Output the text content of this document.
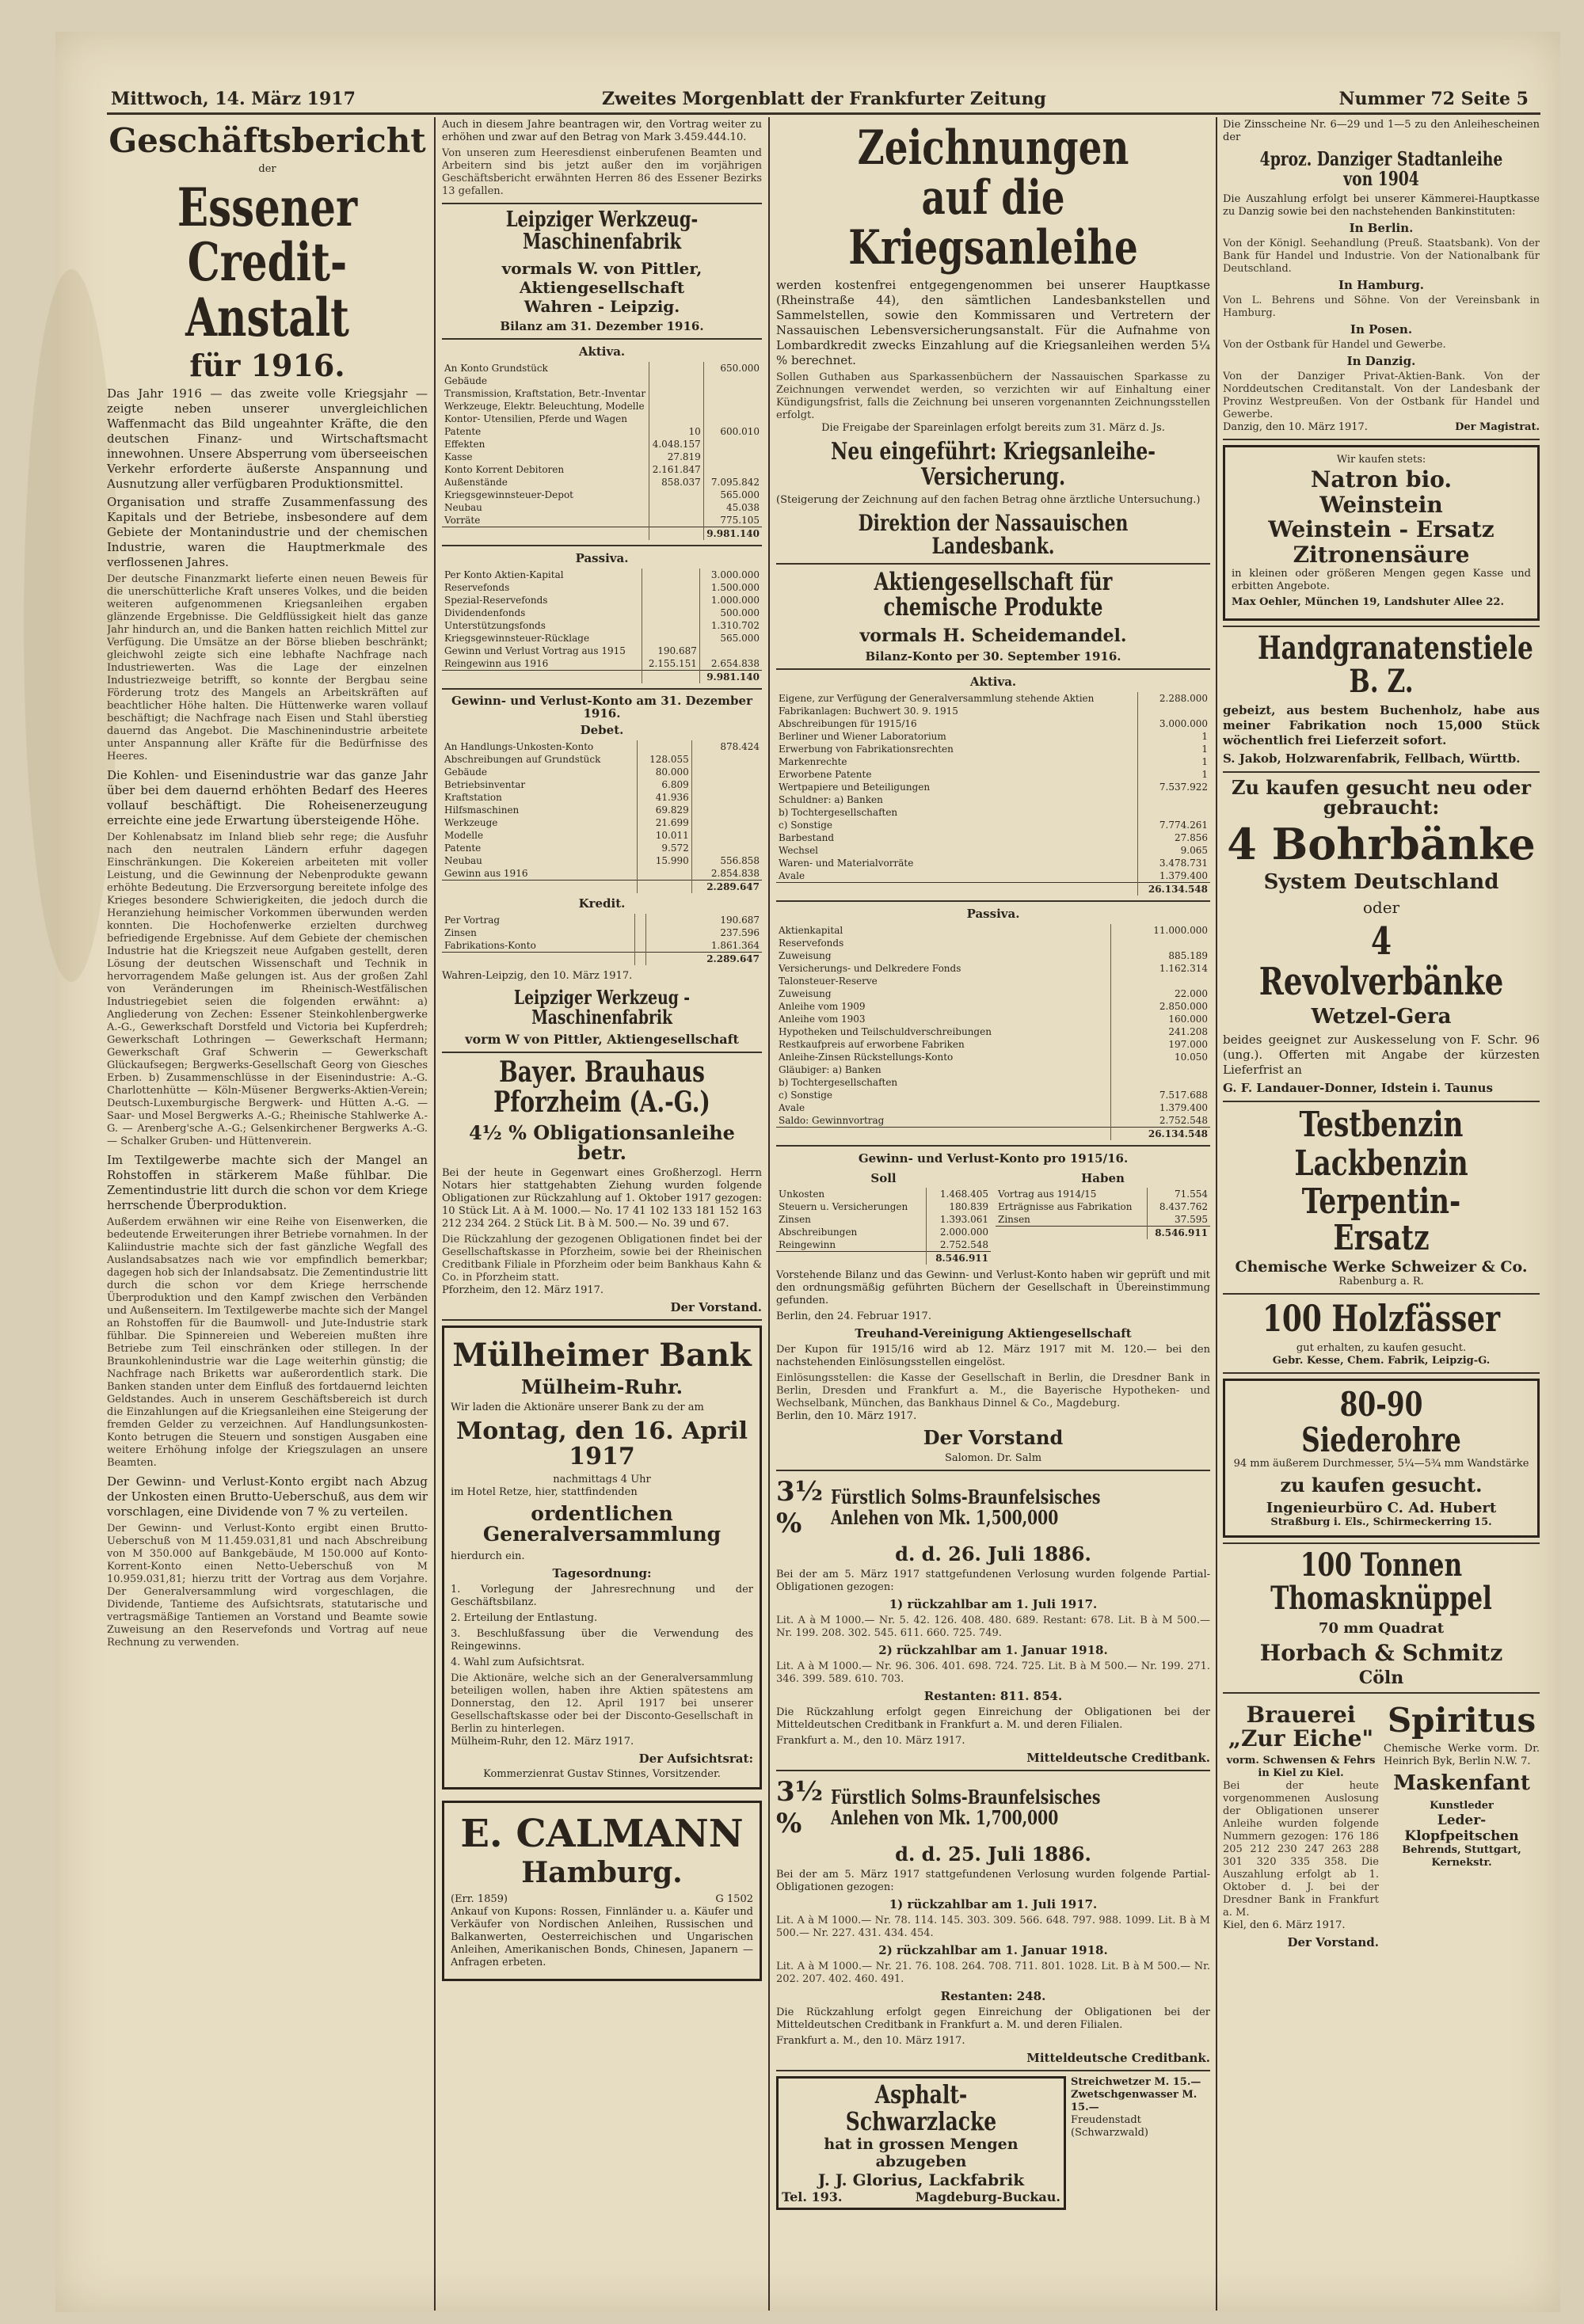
Mittwoch, 14. März 1917	Zweites Morgenblatt der Frankfurter Zeitung	Nummer 72 Seite 5
Geschäftsbericht
der
Essener Credit-Anstalt
für 1916.

Das Jahr 1916 — das zweite volle Kriegsjahr — zeigte neben unserer unvergleichlichen Waffenmacht das Bild ungeahnter Kräfte, die den deutschen Finanz- und Wirtschaftsmacht innewohnen. Unsere Absperrung vom überseeischen Verkehr erforderte äußerste Anspannung und Ausnutzung aller verfügbaren Produktionsmittel.

Organisation und straffe Zusammenfassung des Kapitals und der Betriebe, insbesondere auf dem Gebiete der Montanindustrie und der chemischen Industrie, waren die Hauptmerkmale des verflossenen Jahres.

Der deutsche Finanzmarkt lieferte einen neuen Beweis für die unerschütterliche Kraft unseres Volkes, und die beiden weiteren aufgenommenen Kriegsanleihen ergaben glänzende Ergebnisse. Die Geldflüssigkeit hielt das ganze Jahr hindurch an, und die Banken hatten reichlich Mittel zur Verfügung. Die Umsätze an der Börse blieben beschränkt; gleichwohl zeigte sich eine lebhafte Nachfrage nach Industriewerten. Was die Lage der einzelnen Industriezweige betrifft, so konnte der Bergbau seine Förderung trotz des Mangels an Arbeitskräften auf beachtlicher Höhe halten. Die Hüttenwerke waren vollauf beschäftigt; die Nachfrage nach Eisen und Stahl überstieg dauernd das Angebot. Die Maschinenindustrie arbeitete unter Anspannung aller Kräfte für die Bedürfnisse des Heeres.

Die Kohlen- und Eisenindustrie war das ganze Jahr über bei dem dauernd erhöhten Bedarf des Heeres vollauf beschäftigt. Die Roheisenerzeugung erreichte eine jede Erwartung übersteigende Höhe.

Der Kohlenabsatz im Inland blieb sehr rege; die Ausfuhr nach den neutralen Ländern erfuhr dagegen Einschränkungen. Die Kokereien arbeiteten mit voller Leistung, und die Gewinnung der Nebenprodukte gewann erhöhte Bedeutung. Die Erzversorgung bereitete infolge des Krieges besondere Schwierigkeiten, die jedoch durch die Heranziehung heimischer Vorkommen überwunden werden konnten. Die Hochofenwerke erzielten durchweg befriedigende Ergebnisse. Auf dem Gebiete der chemischen Industrie hat die Kriegszeit neue Aufgaben gestellt, deren Lösung der deutschen Wissenschaft und Technik in hervorragendem Maße gelungen ist. Aus der großen Zahl von Veränderungen im Rheinisch-Westfälischen Industriegebiet seien die folgenden erwähnt: a) Angliederung von Zechen: Essener Steinkohlenbergwerke A.-G., Gewerkschaft Dorstfeld und Victoria bei Kupferdreh; Gewerkschaft Lothringen — Gewerkschaft Hermann; Gewerkschaft Graf Schwerin — Gewerkschaft Glückaufsegen; Bergwerks-Gesellschaft Georg von Giesches Erben. b) Zusammenschlüsse in der Eisenindustrie: A.-G. Charlottenhütte — Köln-Müsener Bergwerks-Aktien-Verein; Deutsch-Luxemburgische Bergwerk- und Hütten A.-G. — Saar- und Mosel Bergwerks A.-G.; Rheinische Stahlwerke A.-G. — Arenberg'sche A.-G.; Gelsenkirchener Bergwerks A.-G. — Schalker Gruben- und Hüttenverein.

Im Textilgewerbe machte sich der Mangel an Rohstoffen in stärkerem Maße fühlbar. Die Zementindustrie litt durch die schon vor dem Kriege herrschende Überproduktion.

Außerdem erwähnen wir eine Reihe von Eisenwerken, die bedeutende Erweiterungen ihrer Betriebe vornahmen. In der Kaliindustrie machte sich der fast gänzliche Wegfall des Auslandsabsatzes nach wie vor empfindlich bemerkbar; dagegen hob sich der Inlandsabsatz. Die Zementindustrie litt durch die schon vor dem Kriege herrschende Überproduktion und den Kampf zwischen den Verbänden und Außenseitern. Im Textilgewerbe machte sich der Mangel an Rohstoffen für die Baumwoll- und Jute-Industrie stark fühlbar. Die Spinnereien und Webereien mußten ihre Betriebe zum Teil einschränken oder stillegen. In der Braunkohlenindustrie war die Lage weiterhin günstig; die Nachfrage nach Briketts war außerordentlich stark. Die Banken standen unter dem Einfluß des fortdauernd leichten Geldstandes. Auch in unserem Geschäftsbereich ist durch die Einzahlungen auf die Kriegsanleihen eine Steigerung der fremden Gelder zu verzeichnen. Auf Handlungsunkosten-Konto betrugen die Steuern und sonstigen Ausgaben eine weitere Erhöhung infolge der Kriegszulagen an unsere Beamten.

Der Gewinn- und Verlust-Konto ergibt nach Abzug der Unkosten einen Brutto-Ueberschuß, aus dem wir vorschlagen, eine Dividende von 7 % zu verteilen.

Der Gewinn- und Verlust-Konto ergibt einen Brutto-Ueberschuß von M 11.459.031,81 und nach Abschreibung von M 350.000 auf Bankgebäude, M 150.000 auf Konto-Korrent-Konto einen Netto-Ueberschuß von M 10.959.031,81; hierzu tritt der Vortrag aus dem Vorjahre. Der Generalversammlung wird vorgeschlagen, die Dividende, Tantieme des Aufsichtsrats, statutarische und vertragsmäßige Tantiemen an Vorstand und Beamte sowie Zuweisung an den Reservefonds und Vortrag auf neue Rechnung zu verwenden.

Auch in diesem Jahre beantragen wir, den Vortrag weiter zu erhöhen und zwar auf den Betrag von Mark 3.459.444.10.

Von unseren zum Heeresdienst einberufenen Beamten und Arbeitern sind bis jetzt außer den im vorjährigen Geschäftsbericht erwähnten Herren 86 des Essener Bezirks 13 gefallen.
Leipziger Werkzeug-Maschinenfabrik
vormals W. von Pittler, Aktiengesellschaft
Wahren - Leipzig.
Bilanz am 31. Dezember 1916.
Aktiva.
An Konto Grundstück		650.000
Gebäude		
Transmission, Kraftstation, Betr.-Inventar		
Werkzeuge, Elektr. Beleuchtung, Modelle		
Kontor- Utensilien, Pferde und Wagen		
Patente	10	600.010
Effekten	4.048.157	
Kasse	27.819	
Konto Korrent Debitoren	2.161.847	
Außenstände	858.037	7.095.842
Kriegsgewinnsteuer-Depot		565.000
Neubau		45.038
Vorräte		775.105
		9.981.140
Passiva.
Per Konto Aktien-Kapital		3.000.000
Reservefonds		1.500.000
Spezial-Reservefonds		1.000.000
Dividendenfonds		500.000
Unterstützungsfonds		1.310.702
Kriegsgewinnsteuer-Rücklage		565.000
Gewinn und Verlust Vortrag aus 1915	190.687	
Reingewinn aus 1916	2.155.151	2.654.838
		9.981.140
Gewinn- und Verlust-Konto am 31. Dezember 1916.
Debet.
An Handlungs-Unkosten-Konto		878.424
Abschreibungen auf Grundstück	128.055	
Gebäude	80.000	
Betriebsinventar	6.809	
Kraftstation	41.936	
Hilfsmaschinen	69.829	
Werkzeuge	21.699	
Modelle	10.011	
Patente	9.572	
Neubau	15.990	556.858
Gewinn aus 1916		2.854.838
		2.289.647
Kredit.
Per Vortrag		190.687
Zinsen		237.596
Fabrikations-Konto		1.861.364
		2.289.647
Wahren-Leipzig, den 10. März 1917.
Leipziger Werkzeug - Maschinenfabrik
vorm W von Pittler, Aktiengesellschaft
Bayer. Brauhaus Pforzheim (A.-G.)
4½ % Obligationsanleihe betr.

Bei der heute in Gegenwart eines Großherzogl. Herrn Notars hier stattgehabten Ziehung wurden folgende Obligationen zur Rückzahlung auf 1. Oktober 1917 gezogen: 10 Stück Lit. A à M. 1000.— No. 17 41 102 133 181 152 163 212 234 264. 2 Stück Lit. B à M. 500.— No. 39 und 67.

Die Rückzahlung der gezogenen Obligationen findet bei der Gesellschaftskasse in Pforzheim, sowie bei der Rheinischen Creditbank Filiale in Pforzheim oder beim Bankhaus Kahn & Co. in Pforzheim statt.
Pforzheim, den 12. März 1917.
Der Vorstand.
Mülheimer Bank
Mülheim-Ruhr.
Wir laden die Aktionäre unserer Bank zu der am
Montag, den 16. April 1917
nachmittags 4 Uhr
im Hotel Retze, hier, stattfindenden
ordentlichen Generalversammlung
hierdurch ein.
Tagesordnung:
1. Vorlegung der Jahresrechnung und der Geschäftsbilanz.
2. Erteilung der Entlastung.
3. Beschlußfassung über die Verwendung des Reingewinns.
4. Wahl zum Aufsichtsrat.
Die Aktionäre, welche sich an der Generalversammlung beteiligen wollen, haben ihre Aktien spätestens am Donnerstag, den 12. April 1917 bei unserer Gesellschaftskasse oder bei der Disconto-Gesellschaft in Berlin zu hinterlegen.
Mülheim-Ruhr, den 12. März 1917.
Der Aufsichtsrat:
Kommerzienrat Gustav Stinnes, Vorsitzender.
E. CALMANN
Hamburg.
(Err. 1859)	G 1502

Ankauf von Kupons: Rossen, Finnländer u. a. Käufer und Verkäufer von Nordischen Anleihen, Russischen und Balkanwerten, Oesterreichischen und Ungarischen Anleihen, Amerikanischen Bonds, Chinesen, Japanern — Anfragen erbeten.

Zeichnungen auf die Kriegsanleihe

werden kostenfrei entgegengenommen bei unserer Hauptkasse (Rheinstraße 44), den sämtlichen Landesbankstellen und Sammelstellen, sowie den Kommissaren und Vertretern der Nassauischen Lebensversicherungsanstalt. Für die Aufnahme von Lombardkredit zwecks Einzahlung auf die Kriegsanleihen werden 5¼ % berechnet.

Sollen Guthaben aus Sparkassenbüchern der Nassauischen Sparkasse zu Zeichnungen verwendet werden, so verzichten wir auf Einhaltung einer Kündigungsfrist, falls die Zeichnung bei unseren vorgenannten Zeichnungsstellen erfolgt.
Die Freigabe der Spareinlagen erfolgt bereits zum 31. März d. Js.
Neu eingeführt: Kriegsanleihe-Versicherung.
(Steigerung der Zeichnung auf den fachen Betrag ohne ärztliche Untersuchung.)
Direktion der Nassauischen Landesbank.
Aktiengesellschaft für chemische Produkte
vormals H. Scheidemandel.
Bilanz-Konto per 30. September 1916.
Aktiva.
Eigene, zur Verfügung der Generalversammlung stehende Aktien	2.288.000
Fabrikanlagen: Buchwert 30. 9. 1915	
Abschreibungen für 1915/16	3.000.000
Berliner und Wiener Laboratorium	1
Erwerbung von Fabrikationsrechten	1
Markenrechte	1
Erworbene Patente	1
Wertpapiere und Beteiligungen	7.537.922
Schuldner: a) Banken	
b) Tochtergesellschaften	
c) Sonstige	7.774.261
Barbestand	27.856
Wechsel	9.065
Waren- und Materialvorräte	3.478.731
Avale	1.379.400
	26.134.548
Passiva.
Aktienkapital	11.000.000
Reservefonds	
Zuweisung	885.189
Versicherungs- und Delkredere Fonds	1.162.314
Talonsteuer-Reserve	
Zuweisung	22.000
Anleihe vom 1909	2.850.000
Anleihe vom 1903	160.000
Hypotheken und Teilschuldverschreibungen	241.208
Restkaufpreis auf erworbene Fabriken	197.000
Anleihe-Zinsen Rückstellungs-Konto	10.050
Gläubiger: a) Banken	
b) Tochtergesellschaften	
c) Sonstige	7.517.688
Avale	1.379.400
Saldo: Gewinnvortrag	2.752.548
	26.134.548
Gewinn- und Verlust-Konto pro 1915/16.
Soll
Unkosten	1.468.405
Steuern u. Versicherungen	180.839
Zinsen	1.393.061
Abschreibungen	2.000.000
Reingewinn	2.752.548
	8.546.911
Haben
Vortrag aus 1914/15	71.554
Erträgnisse aus Fabrikation	8.437.762
Zinsen	37.595
	8.546.911

Vorstehende Bilanz und das Gewinn- und Verlust-Konto haben wir geprüft und mit den ordnungsmäßig geführten Büchern der Gesellschaft in Übereinstimmung gefunden.

Berlin, den 24. Februar 1917.
Treuhand-Vereinigung Aktiengesellschaft

Der Kupon für 1915/16 wird ab 12. März 1917 mit M. 120.— bei den nachstehenden Einlösungsstellen eingelöst.

Einlösungsstellen: die Kasse der Gesellschaft in Berlin, die Dresdner Bank in Berlin, Dresden und Frankfurt a. M., die Bayerische Hypotheken- und Wechselbank, München, das Bankhaus Dinnel & Co., Magdeburg.
Berlin, den 10. März 1917.
Der Vorstand
Salomon. Dr. Salm
3½ %
Fürstlich Solms-Braunfelsisches Anlehen von Mk. 1,500,000
d. d. 26. Juli 1886.

Bei der am 5. März 1917 stattgefundenen Verlosung wurden folgende Partial-Obligationen gezogen:

1) rückzahlbar am 1. Juli 1917.
Lit. A à M 1000.— Nr. 5. 42. 126. 408. 480. 689. Restant: 678. Lit. B à M 500.— Nr. 199. 208. 302. 545. 611. 660. 725. 749.
2) rückzahlbar am 1. Januar 1918.
Lit. A à M 1000.— Nr. 96. 306. 401. 698. 724. 725. Lit. B à M 500.— Nr. 199. 271. 346. 399. 589. 610. 703.
Restanten: 811. 854.

Die Rückzahlung erfolgt gegen Einreichung der Obligationen bei der Mitteldeutschen Creditbank in Frankfurt a. M. und deren Filialen.

Frankfurt a. M., den 10. März 1917.
Mitteldeutsche Creditbank.
3½ %
Fürstlich Solms-Braunfelsisches Anlehen von Mk. 1,700,000
d. d. 25. Juli 1886.

Bei der am 5. März 1917 stattgefundenen Verlosung wurden folgende Partial-Obligationen gezogen:

1) rückzahlbar am 1. Juli 1917.
Lit. A à M 1000.— Nr. 78. 114. 145. 303. 309. 566. 648. 797. 988. 1099. Lit. B à M 500.— Nr. 227. 431. 434. 454.
2) rückzahlbar am 1. Januar 1918.
Lit. A à M 1000.— Nr. 21. 76. 108. 264. 708. 711. 801. 1028. Lit. B à M 500.— Nr. 202. 207. 402. 460. 491.
Restanten: 248.

Die Rückzahlung erfolgt gegen Einreichung der Obligationen bei der Mitteldeutschen Creditbank in Frankfurt a. M. und deren Filialen.

Frankfurt a. M., den 10. März 1917.
Mitteldeutsche Creditbank.
Asphalt-Schwarzlacke
hat in grossen Mengen abzugeben
J. J. Glorius, Lackfabrik
Tel. 193.	Magdeburg-Buckau.
Streichwetzer M. 15.—
Zwetschgenwasser M. 15.—
Freudenstadt (Schwarzwald)

Die Zinsscheine Nr. 6—29 und 1—5 zu den Anleihescheinen der

4proz. Danziger Stadtanleihe von 1904

Die Auszahlung erfolgt bei unserer Kämmerei-Hauptkasse zu Danzig sowie bei den nachstehenden Bankinstituten:

In Berlin.
Von der Königl. Seehandlung (Preuß. Staatsbank). Von der Bank für Handel und Industrie. Von der Nationalbank für Deutschland.
In Hamburg.
Von L. Behrens und Söhne. Von der Vereinsbank in Hamburg.
In Posen.
Von der Ostbank für Handel und Gewerbe.
In Danzig.
Von der Danziger Privat-Aktien-Bank. Von der Norddeutschen Creditanstalt. Von der Landesbank der Provinz Westpreußen. Von der Ostbank für Handel und Gewerbe.
Danzig, den 10. März 1917.	Der Magistrat.
Wir kaufen stets:
Natron bio.
Weinstein
Weinstein - Ersatz
Zitronensäure
in kleinen oder größeren Mengen gegen Kasse und erbitten Angebote.
Max Oehler, München 19, Landshuter Allee 22.
Handgranatenstiele B. Z.

gebeizt, aus bestem Buchenholz, habe aus meiner Fabrikation noch 15,000 Stück wöchentlich frei Lieferzeit sofort.

S. Jakob, Holzwarenfabrik, Fellbach, Württb.
Zu kaufen gesucht neu oder gebraucht:
4 Bohrbänke
System Deutschland
oder
4 Revolverbänke
Wetzel-Gera

beides geeignet zur Auskesselung von F. Schr. 96 (ung.). Offerten mit Angabe der kürzesten Lieferfrist an

G. F. Landauer-Donner, Idstein i. Taunus
Testbenzin
Lackbenzin
Terpentin-Ersatz
Chemische Werke Schweizer & Co.
Rabenburg a. R.
100 Holzfässer
gut erhalten, zu kaufen gesucht.
Gebr. Kesse, Chem. Fabrik, Leipzig-G.
80-90 Siederohre
94 mm äußerem Durchmesser, 5¼—5¾ mm Wandstärke
zu kaufen gesucht.
Ingenieurbüro C. Ad. Hubert
Straßburg i. Els., Schirmeckerring 15.
100 Tonnen Thomasknüppel
70 mm Quadrat
Horbach & Schmitz
Cöln
Brauerei „Zur Eiche"
vorm. Schwensen & Fehrs in Kiel zu Kiel.
Bei der heute vorgenommenen Auslosung der Obligationen unserer Anleihe wurden folgende Nummern gezogen: 176 186 205 212 230 247 263 288 301 320 335 358. Die Auszahlung erfolgt ab 1. Oktober d. J. bei der Dresdner Bank in Frankfurt a. M.
Kiel, den 6. März 1917.
Der Vorstand.
Spiritus
Chemische Werke vorm. Dr. Heinrich Byk, Berlin N.W. 7.
Maskenfant
Kunstleder
Leder-Klopfpeitschen
Behrends, Stuttgart, Kernekstr.
